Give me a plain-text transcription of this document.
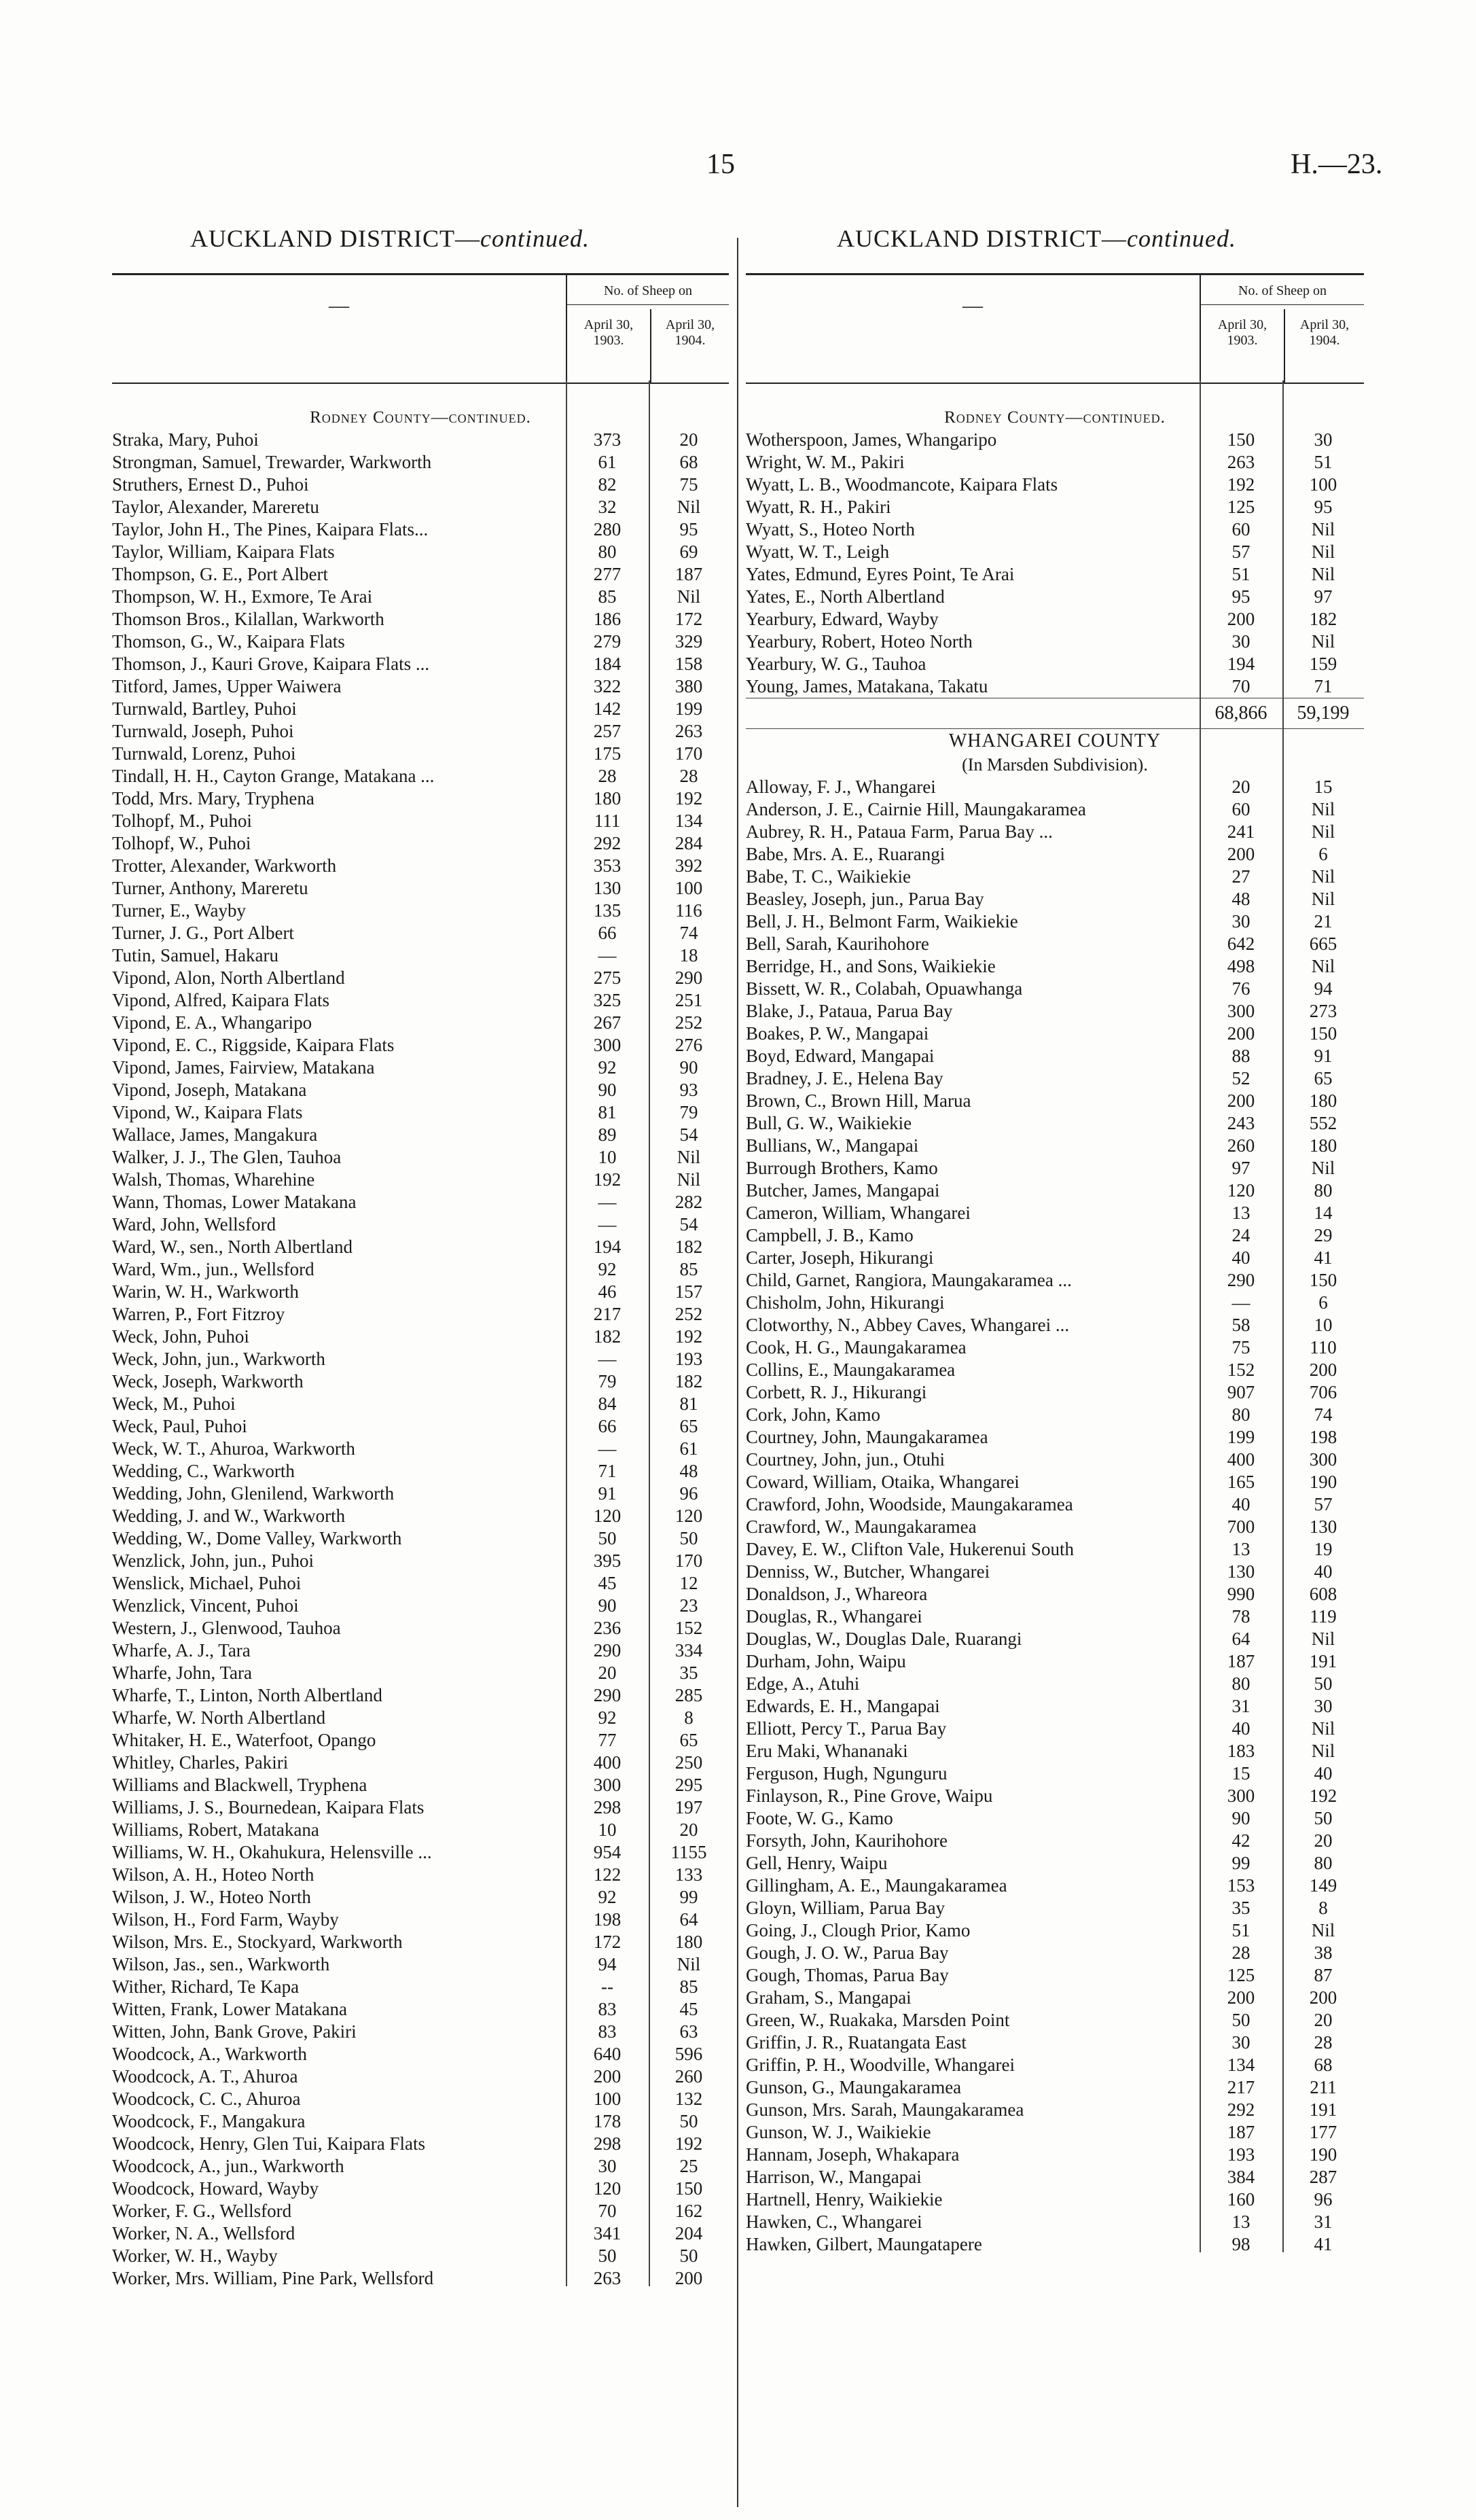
15	H.—23.
AUCKLAND DISTRICT—continued.	AUCKLAND DISTRICT—continued.
—
No. of Sheep on
April 30, 1903.
April 30, 1904.
Rodney County—continued.
Straka, Mary, Puhoi	373	20
Strongman, Samuel, Trewarder, Warkworth	61	68
Struthers, Ernest D., Puhoi	82	75
Taylor, Alexander, Mareretu	32	Nil
Taylor, John H., The Pines, Kaipara Flats...	280	95
Taylor, William, Kaipara Flats	80	69
Thompson, G. E., Port Albert	277	187
Thompson, W. H., Exmore, Te Arai	85	Nil
Thomson Bros., Kilallan, Warkworth	186	172
Thomson, G., W., Kaipara Flats	279	329
Thomson, J., Kauri Grove, Kaipara Flats ...	184	158
Titford, James, Upper Waiwera	322	380
Turnwald, Bartley, Puhoi	142	199
Turnwald, Joseph, Puhoi	257	263
Turnwald, Lorenz, Puhoi	175	170
Tindall, H. H., Cayton Grange, Matakana ...	28	28
Todd, Mrs. Mary, Tryphena	180	192
Tolhopf, M., Puhoi	111	134
Tolhopf, W., Puhoi	292	284
Trotter, Alexander, Warkworth	353	392
Turner, Anthony, Mareretu	130	100
Turner, E., Wayby	135	116
Turner, J. G., Port Albert	66	74
Tutin, Samuel, Hakaru	—	18
Vipond, Alon, North Albertland	275	290
Vipond, Alfred, Kaipara Flats	325	251
Vipond, E. A., Whangaripo	267	252
Vipond, E. C., Riggside, Kaipara Flats	300	276
Vipond, James, Fairview, Matakana	92	90
Vipond, Joseph, Matakana	90	93
Vipond, W., Kaipara Flats	81	79
Wallace, James, Mangakura	89	54
Walker, J. J., The Glen, Tauhoa	10	Nil
Walsh, Thomas, Wharehine	192	Nil
Wann, Thomas, Lower Matakana	—	282
Ward, John, Wellsford	—	54
Ward, W., sen., North Albertland	194	182
Ward, Wm., jun., Wellsford	92	85
Warin, W. H., Warkworth	46	157
Warren, P., Fort Fitzroy	217	252
Weck, John, Puhoi	182	192
Weck, John, jun., Warkworth	—	193
Weck, Joseph, Warkworth	79	182
Weck, M., Puhoi	84	81
Weck, Paul, Puhoi	66	65
Weck, W. T., Ahuroa, Warkworth	—	61
Wedding, C., Warkworth	71	48
Wedding, John, Glenilend, Warkworth	91	96
Wedding, J. and W., Warkworth	120	120
Wedding, W., Dome Valley, Warkworth	50	50
Wenzlick, John, jun., Puhoi	395	170
Wenslick, Michael, Puhoi	45	12
Wenzlick, Vincent, Puhoi	90	23
Western, J., Glenwood, Tauhoa	236	152
Wharfe, A. J., Tara	290	334
Wharfe, John, Tara	20	35
Wharfe, T., Linton, North Albertland	290	285
Wharfe, W. North Albertland	92	8
Whitaker, H. E., Waterfoot, Opango	77	65
Whitley, Charles, Pakiri	400	250
Williams and Blackwell, Tryphena	300	295
Williams, J. S., Bournedean, Kaipara Flats	298	197
Williams, Robert, Matakana	10	20
Williams, W. H., Okahukura, Helensville ...	954	1155
Wilson, A. H., Hoteo North	122	133
Wilson, J. W., Hoteo North	92	99
Wilson, H., Ford Farm, Wayby	198	64
Wilson, Mrs. E., Stockyard, Warkworth	172	180
Wilson, Jas., sen., Warkworth	94	Nil
Wither, Richard, Te Kapa	--	85
Witten, Frank, Lower Matakana	83	45
Witten, John, Bank Grove, Pakiri	83	63
Woodcock, A., Warkworth	640	596
Woodcock, A. T., Ahuroa	200	260
Woodcock, C. C., Ahuroa	100	132
Woodcock, F., Mangakura	178	50
Woodcock, Henry, Glen Tui, Kaipara Flats	298	192
Woodcock, A., jun., Warkworth	30	25
Woodcock, Howard, Wayby	120	150
Worker, F. G., Wellsford	70	162
Worker, N. A., Wellsford	341	204
Worker, W. H., Wayby	50	50
Worker, Mrs. William, Pine Park, Wellsford	263	200
—
No. of Sheep on
April 30, 1903.
April 30, 1904.
Rodney County—continued.
Wotherspoon, James, Whangaripo	150	30
Wright, W. M., Pakiri	263	51
Wyatt, L. B., Woodmancote, Kaipara Flats	192	100
Wyatt, R. H., Pakiri	125	95
Wyatt, S., Hoteo North	60	Nil
Wyatt, W. T., Leigh	57	Nil
Yates, Edmund, Eyres Point, Te Arai	51	Nil
Yates, E., North Albertland	95	97
Yearbury, Edward, Wayby	200	182
Yearbury, Robert, Hoteo North	30	Nil
Yearbury, W. G., Tauhoa	194	159
Young, James, Matakana, Takatu	70	71
68,866	59,199
WHANGAREI COUNTY
(In Marsden Subdivision).
Alloway, F. J., Whangarei	20	15
Anderson, J. E., Cairnie Hill, Maungakaramea	60	Nil
Aubrey, R. H., Pataua Farm, Parua Bay ...	241	Nil
Babe, Mrs. A. E., Ruarangi	200	6
Babe, T. C., Waikiekie	27	Nil
Beasley, Joseph, jun., Parua Bay	48	Nil
Bell, J. H., Belmont Farm, Waikiekie	30	21
Bell, Sarah, Kaurihohore	642	665
Berridge, H., and Sons, Waikiekie	498	Nil
Bissett, W. R., Colabah, Opuawhanga	76	94
Blake, J., Pataua, Parua Bay	300	273
Boakes, P. W., Mangapai	200	150
Boyd, Edward, Mangapai	88	91
Bradney, J. E., Helena Bay	52	65
Brown, C., Brown Hill, Marua	200	180
Bull, G. W., Waikiekie	243	552
Bullians, W., Mangapai	260	180
Burrough Brothers, Kamo	97	Nil
Butcher, James, Mangapai	120	80
Cameron, William, Whangarei	13	14
Campbell, J. B., Kamo	24	29
Carter, Joseph, Hikurangi	40	41
Child, Garnet, Rangiora, Maungakaramea ...	290	150
Chisholm, John, Hikurangi	—	6
Clotworthy, N., Abbey Caves, Whangarei ...	58	10
Cook, H. G., Maungakaramea	75	110
Collins, E., Maungakaramea	152	200
Corbett, R. J., Hikurangi	907	706
Cork, John, Kamo	80	74
Courtney, John, Maungakaramea	199	198
Courtney, John, jun., Otuhi	400	300
Coward, William, Otaika, Whangarei	165	190
Crawford, John, Woodside, Maungakaramea	40	57
Crawford, W., Maungakaramea	700	130
Davey, E. W., Clifton Vale, Hukerenui South	13	19
Denniss, W., Butcher, Whangarei	130	40
Donaldson, J., Whareora	990	608
Douglas, R., Whangarei	78	119
Douglas, W., Douglas Dale, Ruarangi	64	Nil
Durham, John, Waipu	187	191
Edge, A., Atuhi	80	50
Edwards, E. H., Mangapai	31	30
Elliott, Percy T., Parua Bay	40	Nil
Eru Maki, Whananaki	183	Nil
Ferguson, Hugh, Ngunguru	15	40
Finlayson, R., Pine Grove, Waipu	300	192
Foote, W. G., Kamo	90	50
Forsyth, John, Kaurihohore	42	20
Gell, Henry, Waipu	99	80
Gillingham, A. E., Maungakaramea	153	149
Gloyn, William, Parua Bay	35	8
Going, J., Clough Prior, Kamo	51	Nil
Gough, J. O. W., Parua Bay	28	38
Gough, Thomas, Parua Bay	125	87
Graham, S., Mangapai	200	200
Green, W., Ruakaka, Marsden Point	50	20
Griffin, J. R., Ruatangata East	30	28
Griffin, P. H., Woodville, Whangarei	134	68
Gunson, G., Maungakaramea	217	211
Gunson, Mrs. Sarah, Maungakaramea	292	191
Gunson, W. J., Waikiekie	187	177
Hannam, Joseph, Whakapara	193	190
Harrison, W., Mangapai	384	287
Hartnell, Henry, Waikiekie	160	96
Hawken, C., Whangarei	13	31
Hawken, Gilbert, Maungatapere	98	41
